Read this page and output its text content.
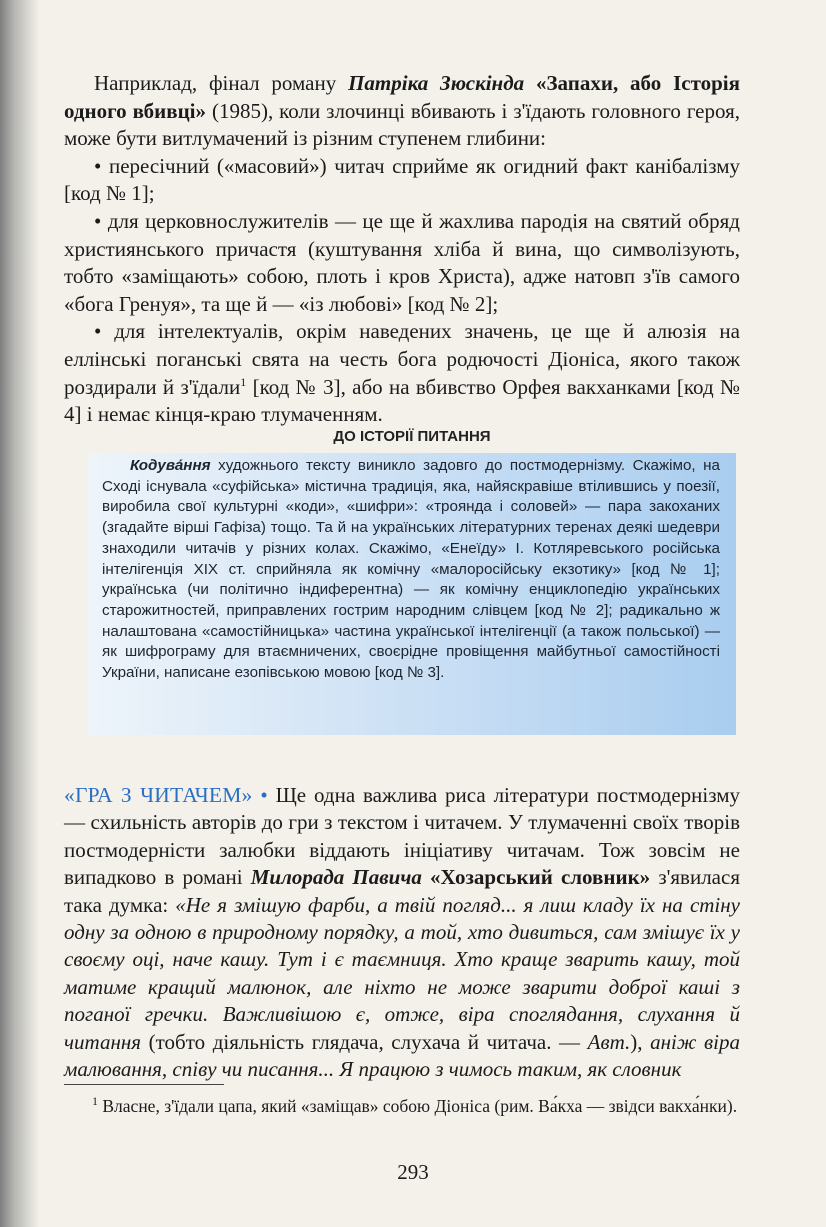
Наприклад, фінал роману Патріка Зюскінда «Запахи, або Історія одного вбивці» (1985), коли злочинці вбивають і з'їдають головного героя, може бути витлумачений із різним ступенем глибини:

• пересічний («масовий») читач сприйме як огидний факт канібалізму [код № 1];

• для церковнослужителів — це ще й жахлива пародія на святий обряд християнського причастя (куштування хліба й вина, що символізують, тобто «заміщають» собою, плоть і кров Христа), адже натовп з'їв самого «бога Гренуя», та ще й — «із любові» [код № 2];

• для інтелектуалів, окрім наведених значень, це ще й алюзія на еллінські поганські свята на честь бога родючості Діоніса, якого також роздирали й з'їдали$^1$ [код № 3], або на вбивство Орфея вакханками [код № 4] і немає кінця-краю тлумаченням.

ДО ІСТОРІЇ ПИТАННЯ

Кодува́ння художнього тексту виникло задовго до постмодернізму. Скажімо, на Сході існувала «суфійська» містична традиція, яка, найяскравіше втілившись у поезії, виробила свої культурні «коди», «шифри»: «троянда і соловей» — пара закоханих (згадайте вірші Гафіза) тощо. Та й на українських літературних теренах деякі шедеври знаходили читачів у різних колах. Скажімо, «Енеїду» І. Котляревського російська інтелігенція XIX ст. сприйняла як комічну «малоросійську екзотику» [код № 1]; українська (чи політично індиферентна) — як комічну енциклопедію українських старожитностей, приправлених гострим народним слівцем [код № 2]; радикально ж налаштована «самостійницька» частина української інтелігенції (а також польської) — як шифрограму для втаємничених, своєрідне провіщення майбутньої самостійності України, написане езопівською мовою [код № 3].

«ГРА З ЧИТАЧЕМ» • Ще одна важлива риса літератури постмодернізму — схильність авторів до гри з текстом і читачем. У тлумаченні своїх творів постмодерністи залюбки віддають ініціативу читачам. Тож зовсім не випадково в романі Милорада Павича «Хозарський словник» з'явилася така думка: «Не я змішую фарби, а твій погляд... я лиш кладу їх на стіну одну за одною в природному порядку, а той, хто дивиться, сам змішує їх у своєму оці, наче кашу. Тут і є таємниця. Хто краще зварить кашу, той матиме кращий малюнок, але ніхто не може зварити доброї каші з поганої гречки. Важливішою є, отже, віра споглядання, слухання й читання (тобто діяльність глядача, слухача й читача. — Авт.), аніж віра малювання, співу чи писання... Я працюю з чимось таким, як словник

$^1$ Власне, з'їдали цапа, який «заміщав» собою Діоніса (рим. Ва́кха — звідси вакха́нки).

293
